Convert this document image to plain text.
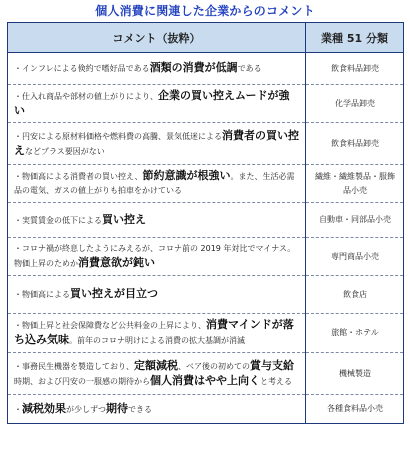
個人消費に関連した企業からのコメント
コメント（抜粋）	業種 51 分類
・インフレによる倹約で嗜好品である酒類の消費が低調である	飲食料品卸売
・仕入れ商品や部材の値上がりにより、企業の買い控えムードが強い	化学品卸売
・円安による原材料価格や燃料費の高騰、景気低迷による消費者の買い控えなどプラス要因がない	飲食料品卸売
・物価高による消費者の買い控え、節約意識が根強い。また、生活必需品の電気、ガスの値上がりも拍車をかけている	繊維・繊維製品・服飾品小売
・実質賃金の低下による買い控え	自動車・同部品小売
・コロナ禍が終息したようにみえるが、コロナ前の 2019 年対比でマイナス。物価上昇のためか消費意欲が鈍い	専門商品小売
・物価高による買い控えが目立つ	飲食店
・物価上昇と社会保障費など公共料金の上昇により、消費マインドが落ち込み気味。前年のコロナ明けによる消費の拡大基調が消滅	旅館・ホテル
・事務民生機器を製造しており、定額減税、ベア後の初めての賞与支給時期、および円安の一服感の期待から個人消費はやや上向くと考える	機械製造
・減税効果が少しずつ期待できる	各種食料品小売
